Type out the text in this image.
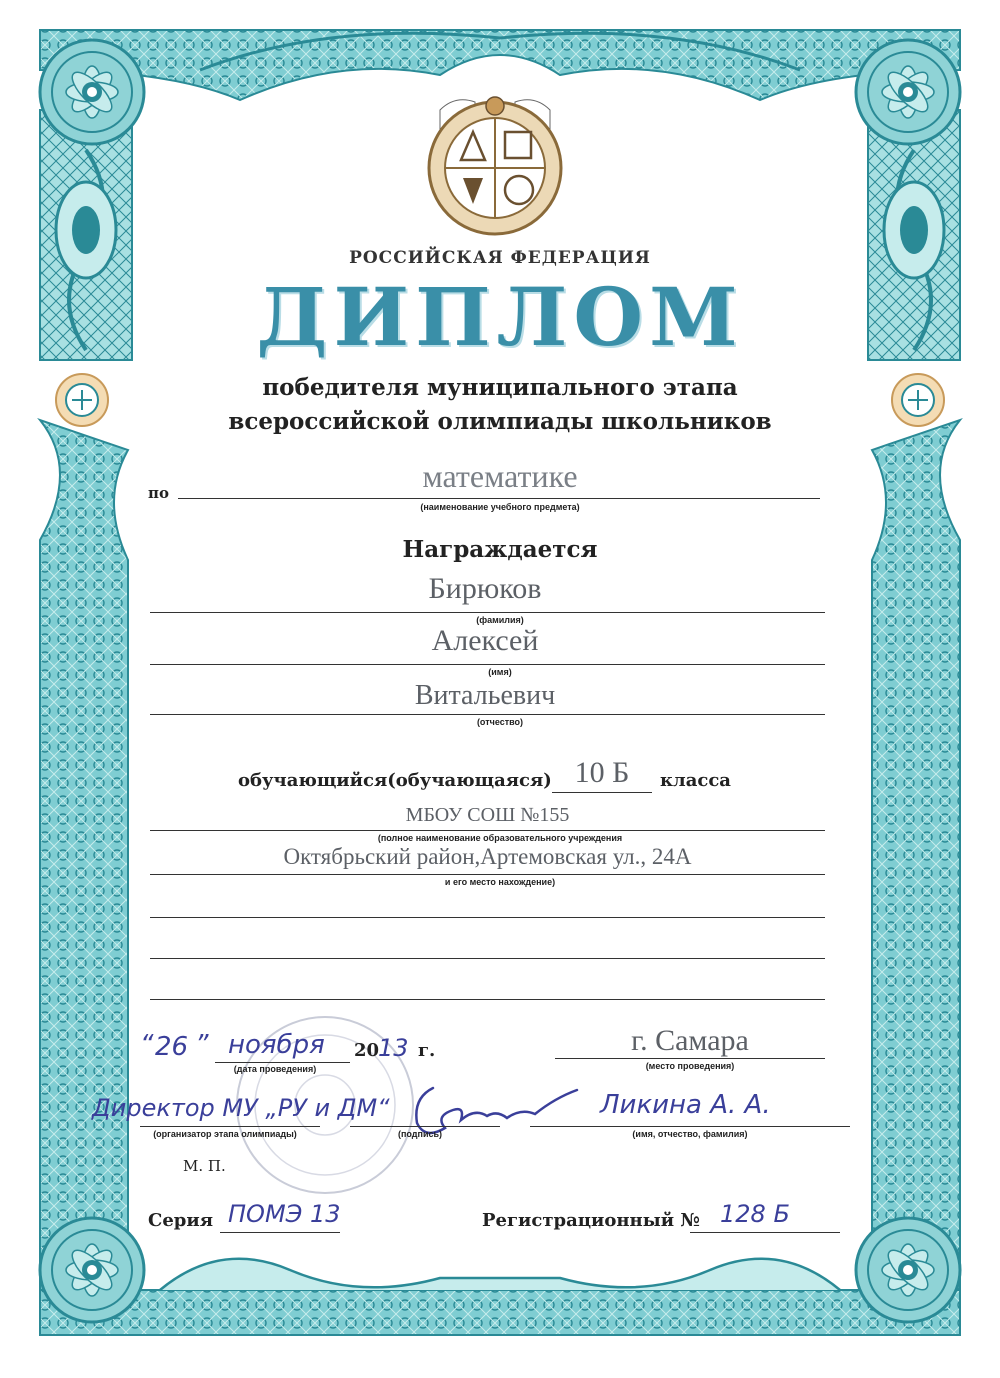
РОССИЙСКАЯ ФЕДЕРАЦИЯ
ДИПЛОМ
победителя муниципального этапа
всероссийской олимпиады школьников
по	математике
(наименование учебного предмета)
Награждается
Бирюков
(фамилия)
Алексей
(имя)
Витальевич
(отчество)
обучающийся(обучающаяся) 10 Б	класса
МБОУ СОШ №155
(полное наименование образовательного учреждения
Октябрьский район,Артемовская ул., 24А
и его место нахождение)
“ 26 ” ноября 20
13 г.
(дата проведения)
г. Самара
(место проведения)
Директор МУ „РУ и ДМ“
(организатор этапа олимпиады)	(подпись)
Ликина А. А.
(имя, отчество, фамилия)
М. П.
Серия ПОМЭ 13	Регистрационный № 128 Б
